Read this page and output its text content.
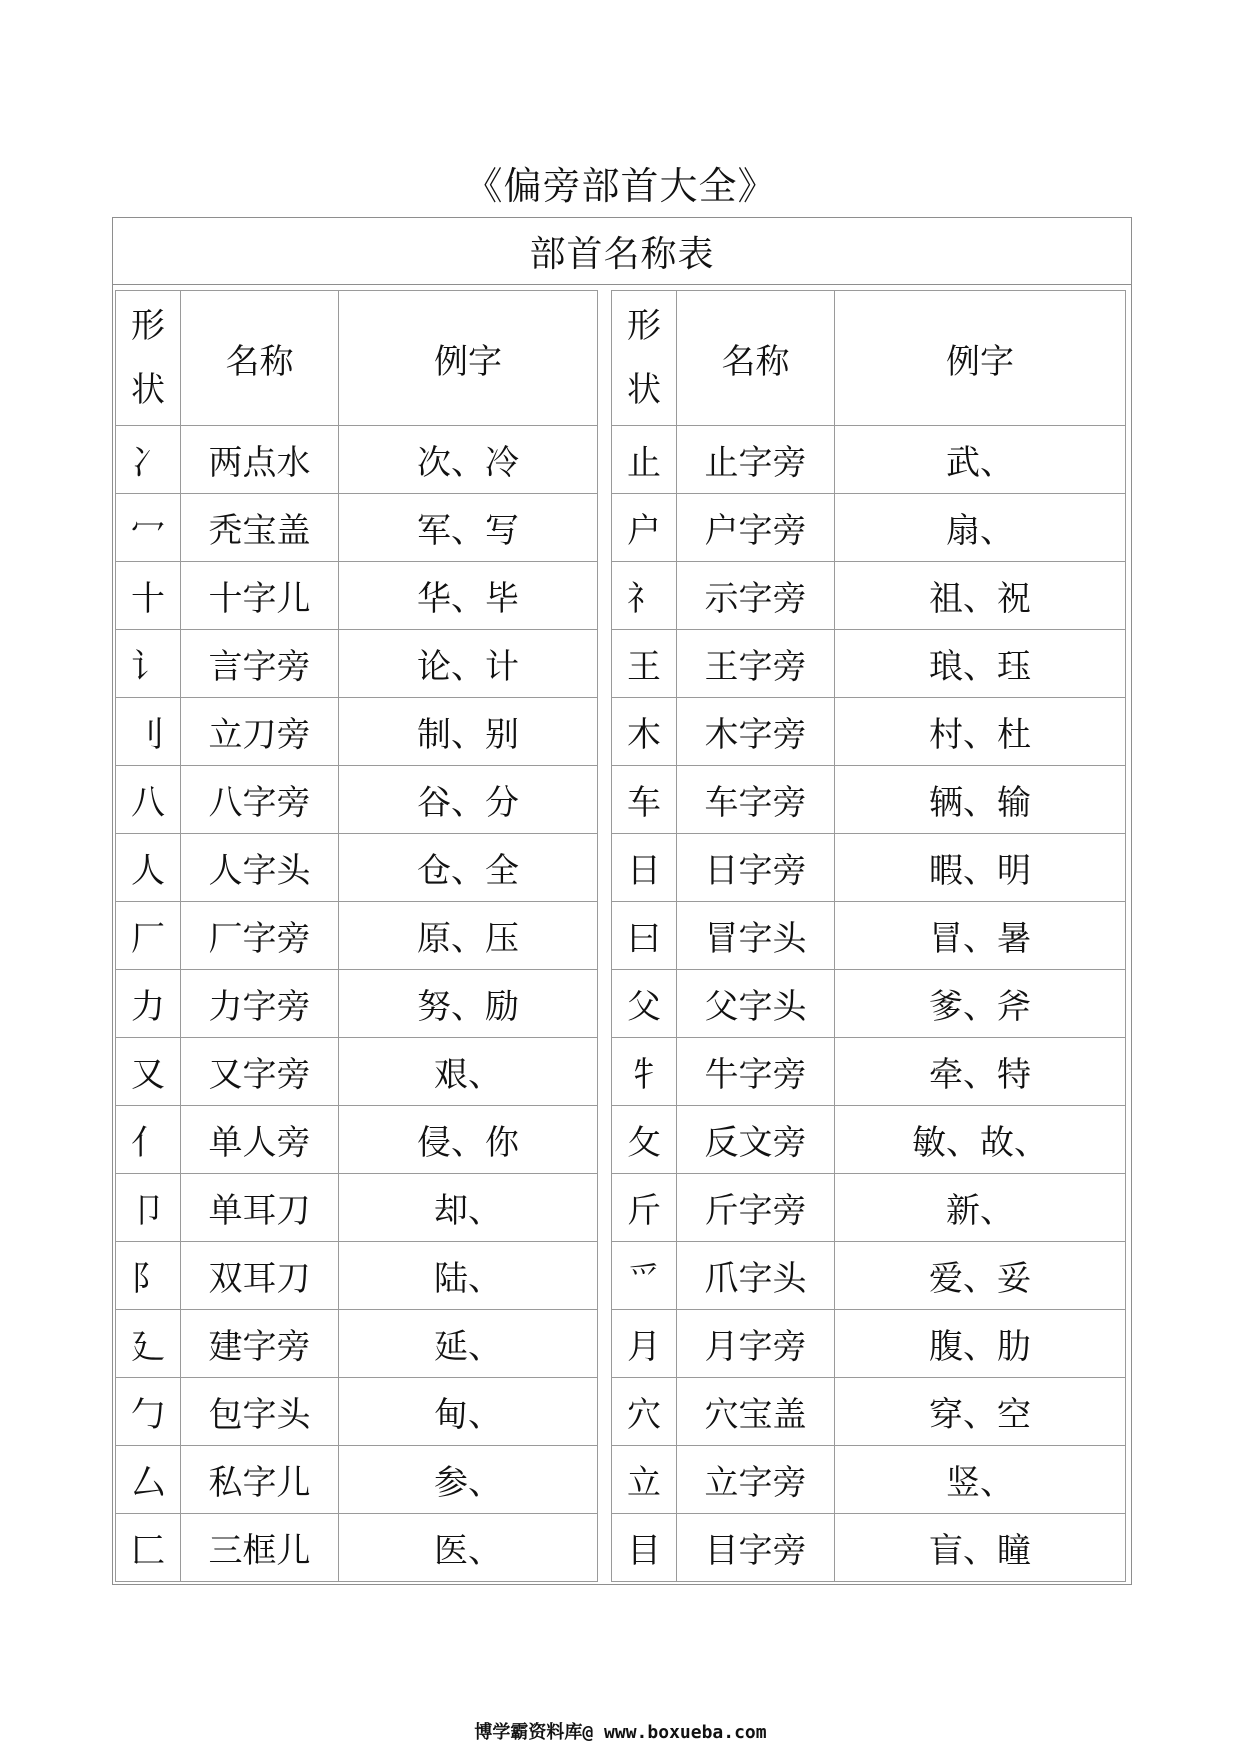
《偏旁部首大全》
部首名称表
形
状	名称	例字
冫	两点水	次、冷
冖	秃宝盖	军、写
十	十字儿	华、毕
讠	言字旁	论、计
刂	立刀旁	制、别
八	八字旁	谷、分
人	人字头	仓、全
厂	厂字旁	原、压
力	力字旁	努、励
又	又字旁	艰、
亻	单人旁	侵、你
卩	单耳刀	却、
阝	双耳刀	陆、
廴	建字旁	延、
勹	包字头	甸、
厶	私字儿	参、
匚	三框儿	医、
形
状	名称	例字
止	止字旁	武、
户	户字旁	扇、
礻	示字旁	祖、祝
王	王字旁	琅、珏
木	木字旁	村、杜
车	车字旁	辆、输
日	日字旁	暇、明
曰	冒字头	冒、暑
父	父字头	爹、斧
牜	牛字旁	牵、特
攵	反文旁	敏、故、
斤	斤字旁	新、
爫	爪字头	爱、妥
月	月字旁	腹、肋
穴	穴宝盖	穿、空
立	立字旁	竖、
目	目字旁	盲、瞳
博学霸资料库@ www.boxueba.com
